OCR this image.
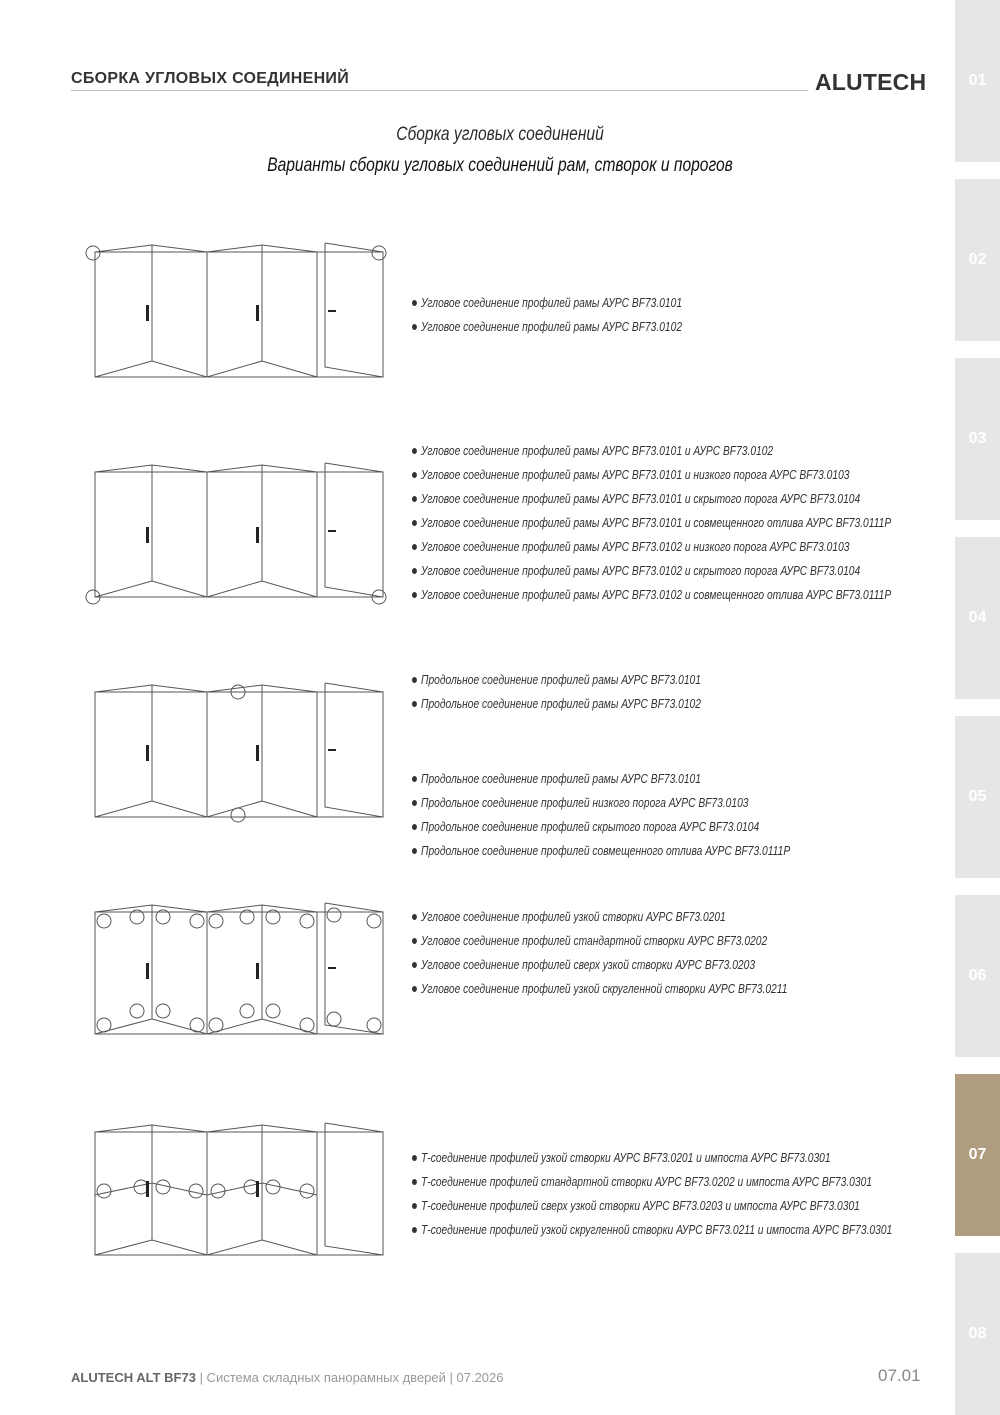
СБОРКА УГЛОВЫХ СОЕДИНЕНИЙ	ALUTECH	01
02
03
04
05
06
07
08
Сборка угловых соединений
Варианты сборки угловых соединений рам, створок и порогов
Угловое соединение профилей рамы АУРС BF73.0101
Угловое соединение профилей рамы АУРС BF73.0102
Угловое соединение профилей рамы АУРС BF73.0101 и АУРС BF73.0102
Угловое соединение профилей рамы АУРС BF73.0101 и низкого порога АУРС BF73.0103
Угловое соединение профилей рамы АУРС BF73.0101 и скрытого порога АУРС BF73.0104
Угловое соединение профилей рамы АУРС BF73.0101 и совмещенного отлива АУРС BF73.0111P
Угловое соединение профилей рамы АУРС BF73.0102 и низкого порога АУРС BF73.0103
Угловое соединение профилей рамы АУРС BF73.0102 и скрытого порога АУРС BF73.0104
Угловое соединение профилей рамы АУРС BF73.0102 и совмещенного отлива АУРС BF73.0111P
Продольное соединение профилей рамы АУРС BF73.0101
Продольное соединение профилей рамы АУРС BF73.0102
Продольное соединение профилей рамы АУРС BF73.0101
Продольное соединение профилей низкого порога АУРС BF73.0103
Продольное соединение профилей скрытого порога АУРС BF73.0104
Продольное соединение профилей совмещенного отлива АУРС BF73.0111P
Угловое соединение профилей узкой створки АУРС BF73.0201
Угловое соединение профилей стандартной створки АУРС BF73.0202
Угловое соединение профилей сверх узкой створки АУРС BF73.0203
Угловое соединение профилей узкой скругленной створки АУРС BF73.0211
Т-соединение профилей узкой створки АУРС BF73.0201 и импоста АУРС BF73.0301
Т-соединение профилей стандартной створки АУРС BF73.0202 и импоста АУРС BF73.0301
Т-соединение профилей сверх узкой створки АУРС BF73.0203 и импоста АУРС BF73.0301
Т-соединение профилей узкой скругленной створки АУРС BF73.0211 и импоста АУРС BF73.0301
ALUTECH ALT BF73 | Система складных панорамных дверей | 07.2026	07.01
